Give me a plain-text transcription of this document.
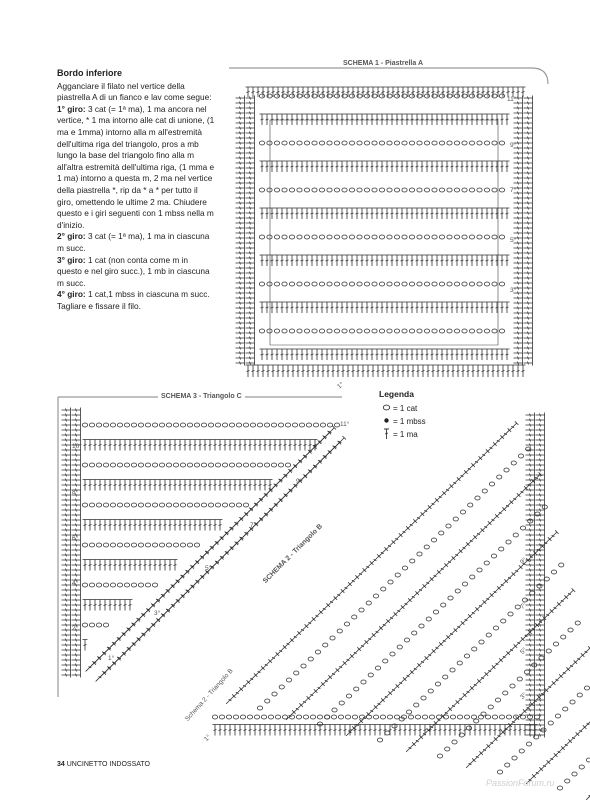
Bordo inferiore

Agganciare il filato nel vertice della piastrella A di un fianco e lav come segue:
1° giro: 3 cat (= 1ª ma), 1 ma ancora nel vertice, * 1 ma intorno alle cat di unione, (1 ma e 1mma) intorno alla m all'estremità dell'ultima riga del triangolo, pros a mb lungo la base del triangolo fino alla m all'altra estremità dell'ultima riga, (1 mma e 1 ma) intorno a questa m, 2 ma nel vertice della piastrella *, rip da * a * per tutto il giro, omettendo le ultime 2 ma. Chiudere questo e i giri seguenti con 1 mbss nella m d'inizio.
2° giro: 3 cat (= 1ª ma), 1 ma in ciascuna m succ.
3° giro: 1 cat (non conta come m in questo e nel giro succ.), 1 mb in ciascuna m succ.
4° giro: 1 cat,1 mbss in ciascuna m succ. Tagliare e fissare il filo.

SCHEMA 1 - Piastrella A
SCHEMA 3 - Triangolo C
SCHEMA 2 - Triangolo B
Schema 2 - Triangolo B
11°
9°
7°
5°
3°
1°
11°
10°
8°
6°
4°
2°
1°
3°
5°
7°
9°
9°
7°
5°
3°
1°
Legenda
= 1 cat
= 1 mbss
= 1 ma
34 UNCINETTO INDOSSATO
PassionForum.ru
